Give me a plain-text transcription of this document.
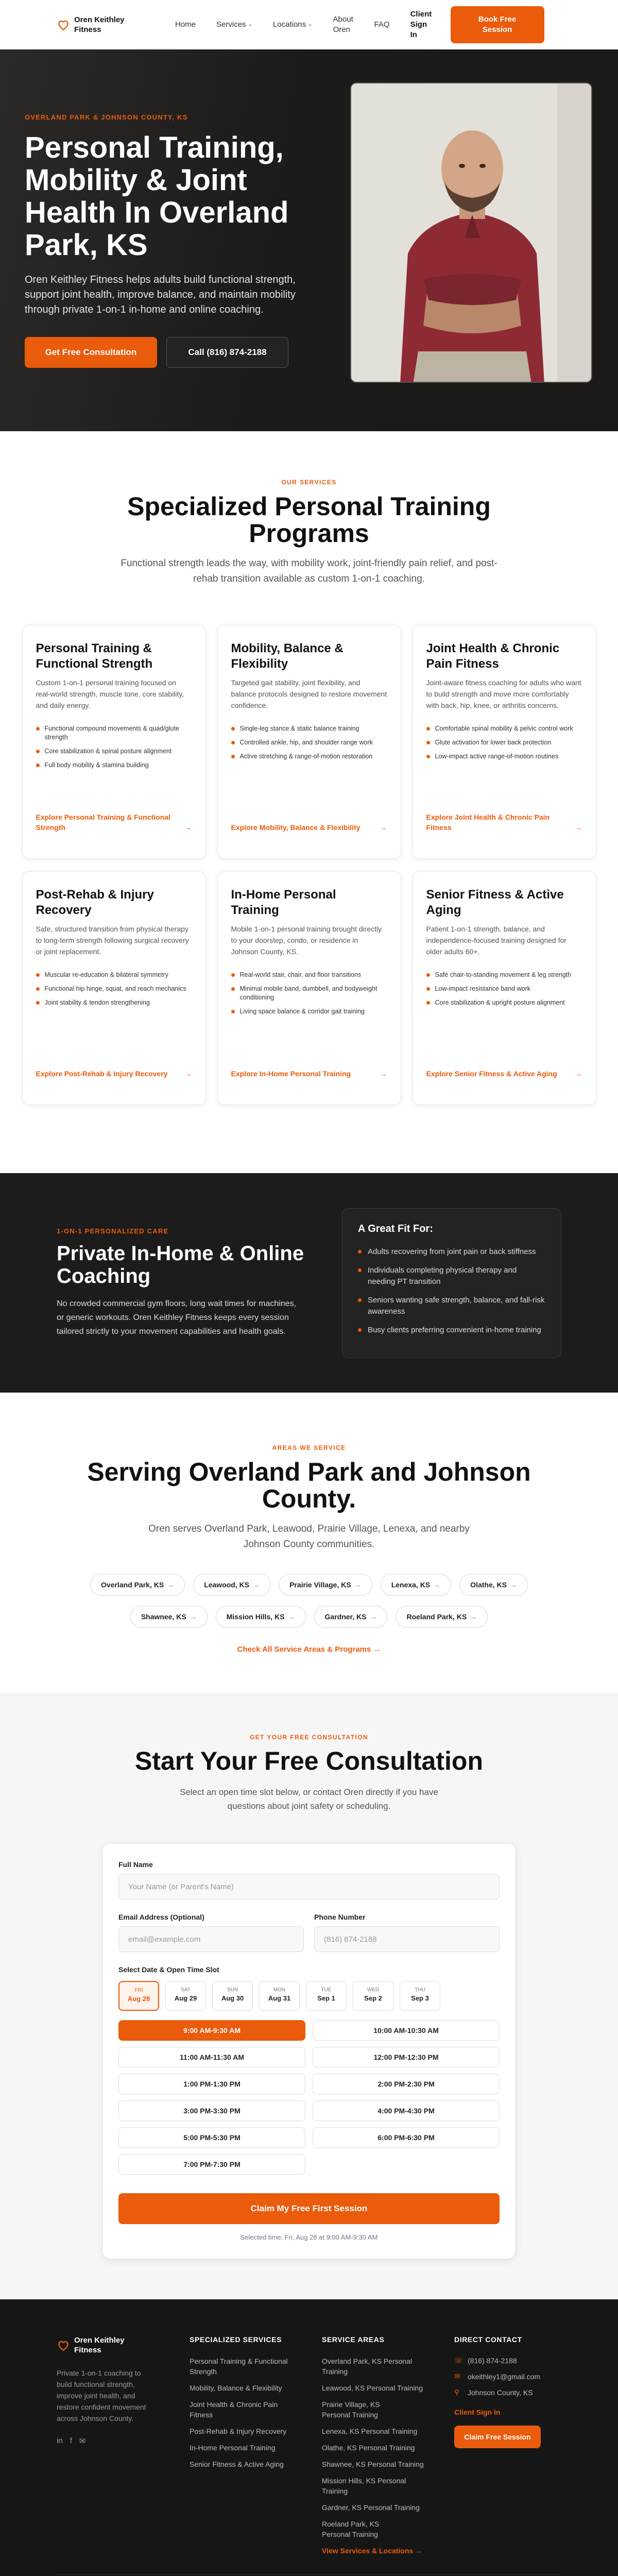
Oren Keithley Fitness
Home	Services ⌄	Locations ⌄
About Oren
FAQ
Client Sign In
Book Free Session
OVERLAND PARK & JOHNSON COUNTY, KS
Personal Training, Mobility & Joint Health In Overland Park, KS

Oren Keithley Fitness helps adults build functional strength, support joint health, improve balance, and maintain mobility through private 1-on-1 in-home and online coaching.

Get Free Consultation	Call (816) 874-2188
OUR SERVICES
Specialized Personal Training Programs

Functional strength leads the way, with mobility work, joint-friendly pain relief, and post-rehab transition available as custom 1-on-1 coaching.

Personal Training & Functional Strength

Custom 1-on-1 personal training focused on real-world strength, muscle tone, core stability, and daily energy.

Functional compound movements & quad/glute strength
Core stabilization & spinal posture alignment
Full body mobility & stamina building
Explore Personal Training & Functional Strength	→
Mobility, Balance & Flexibility

Targeted gait stability, joint flexibility, and balance protocols designed to restore movement confidence.

Single-leg stance & static balance training
Controlled ankle, hip, and shoulder range work
Active stretching & range-of-motion restoration
Explore Mobility, Balance & Flexibility	→
Joint Health & Chronic Pain Fitness

Joint-aware fitness coaching for adults who want to build strength and move more comfortably with back, hip, knee, or arthritis concerns.

Comfortable spinal mobility & pelvic control work
Glute activation for lower back protection
Low-impact active range-of-motion routines
Explore Joint Health & Chronic Pain Fitness	→
Post-Rehab & Injury Recovery

Safe, structured transition from physical therapy to long-term strength following surgical recovery or joint replacement.

Muscular re-education & bilateral symmetry
Functional hip hinge, squat, and reach mechanics
Joint stability & tendon strengthening
Explore Post-Rehab & Injury Recovery →
In-Home Personal Training

Mobile 1-on-1 personal training brought directly to your doorstep, condo, or residence in Johnson County, KS.

Real-world stair, chair, and floor transitions
Minimal mobile band, dumbbell, and bodyweight conditioning
Living space balance & corridor gait training
Explore In-Home Personal Training	→
Senior Fitness & Active Aging

Patient 1-on-1 strength, balance, and independence-focused training designed for older adults 60+.

Safe chair-to-standing movement & leg strength
Low-impact resistance band work
Core stabilization & upright posture alignment
Explore Senior Fitness & Active Aging →
1-ON-1 PERSONALIZED CARE
Private In-Home & Online Coaching

No crowded commercial gym floors, long wait times for machines, or generic workouts. Oren Keithley Fitness keeps every session tailored strictly to your movement capabilities and health goals.

A Great Fit For:
Adults recovering from joint pain or back stiffness
Individuals completing physical therapy and needing PT transition
Seniors wanting safe strength, balance, and fall-risk awareness
Busy clients preferring convenient in-home training
AREAS WE SERVICE
Serving Overland Park and Johnson County.

Oren serves Overland Park, Leawood, Prairie Village, Lenexa, and nearby Johnson County communities.

Overland Park, KS →	Leawood, KS →	Prairie Village, KS →	Lenexa, KS →	Olathe, KS →
Shawnee, KS →	Mission Hills, KS →	Gardner, KS →	Roeland Park, KS →
Check All Service Areas & Programs →
GET YOUR FREE CONSULTATION
Start Your Free Consultation

Select an open time slot below, or contact Oren directly if you have questions about joint safety or scheduling.

Full Name
Your Name (or Parent's Name)
Email Address (Optional)
email@example.com
Phone Number
(816) 874-2188
Select Date & Open Time Slot
FRI
Aug 28
SAT
Aug 29
SUN
Aug 30
MON
Aug 31
TUE
Sep 1
WED
Sep 2
THU
Sep 3
9:00 AM-9:30 AM	10:00 AM-10:30 AM
11:00 AM-11:30 AM	12:00 PM-12:30 PM
1:00 PM-1:30 PM	2:00 PM-2:30 PM
3:00 PM-3:30 PM	4:00 PM-4:30 PM
5:00 PM-5:30 PM	6:00 PM-6:30 PM
7:00 PM-7:30 PM
Claim My Free First Session
Selected time: Fri, Aug 28 at 9:00 AM-9:30 AM
Oren Keithley Fitness

Private 1-on-1 coaching to build functional strength, improve joint health, and restore confident movement across Johnson County.

in f ✉
SPECIALIZED SERVICES
Personal Training & Functional Strength
Mobility, Balance & Flexibility
Joint Health & Chronic Pain Fitness
Post-Rehab & Injury Recovery
In-Home Personal Training
Senior Fitness & Active Aging
SERVICE AREAS
Overland Park, KS Personal Training
Leawood, KS Personal Training
Prairie Village, KS Personal Training
Lenexa, KS Personal Training
Olathe, KS Personal Training
Shawnee, KS Personal Training
Mission Hills, KS Personal Training
Gardner, KS Personal Training
Roeland Park, KS Personal Training
View Services & Locations →
DIRECT CONTACT
☏ (816) 874-2188
✉ okeithley1@gmail.com
⚲ Johnson County, KS
Client Sign In
Claim Free Session
